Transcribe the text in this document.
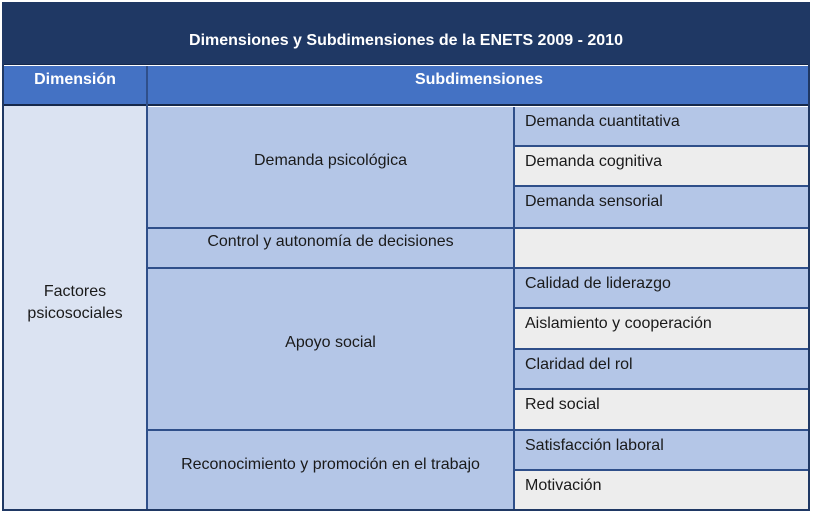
Dimensiones y Subdimensiones de la ENETS 2009 - 2010
Dimensión	Subdimensiones
Factores psicosociales
Demanda psicológica
Control y autonomía de decisiones
Apoyo social
Reconocimiento y promoción en el trabajo
Demanda cuantitativa
Demanda cognitiva
Demanda sensorial
Calidad de liderazgo
Aislamiento y cooperación
Claridad del rol
Red social
Satisfacción laboral
Motivación
